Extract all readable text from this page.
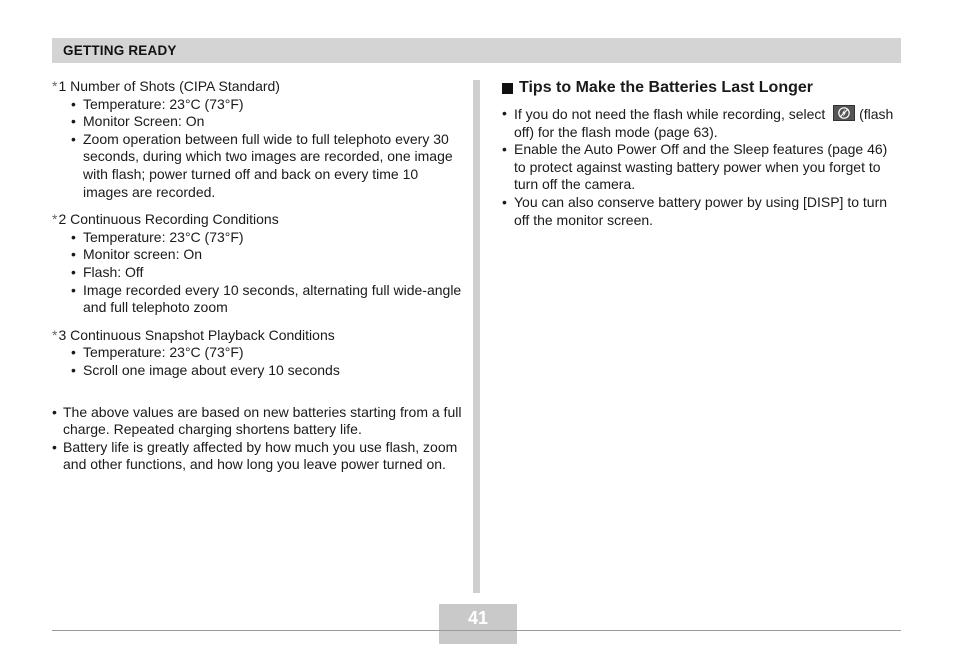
GETTING READY
* 1 Number of Shots (CIPA Standard)
• Temperature: 23°C (73°F)
• Monitor Screen: On
• Zoom operation between full wide to full telephoto every 30 seconds, during which two images are recorded, one image with flash; power turned off and back on every time 10 images are recorded.
* 2 Continuous Recording Conditions
• Temperature: 23°C (73°F)
• Monitor screen: On
• Flash: Off
• Image recorded every 10 seconds, alternating full wide-angle and full telephoto zoom
* 3 Continuous Snapshot Playback Conditions
• Temperature: 23°C (73°F)
• Scroll one image about every 10 seconds
• The above values are based on new batteries starting from a full charge. Repeated charging shortens battery life.
• Battery life is greatly affected by how much you use flash, zoom and other functions, and how long you leave power turned on.
Tips to Make the Batteries Last Longer
• If you do not need the flash while recording, select (flash off) for the flash mode (page 63).
• Enable the Auto Power Off and the Sleep features (page 46) to protect against wasting battery power when you forget to turn off the camera.
• You can also conserve battery power by using [DISP] to turn off the monitor screen.
41
